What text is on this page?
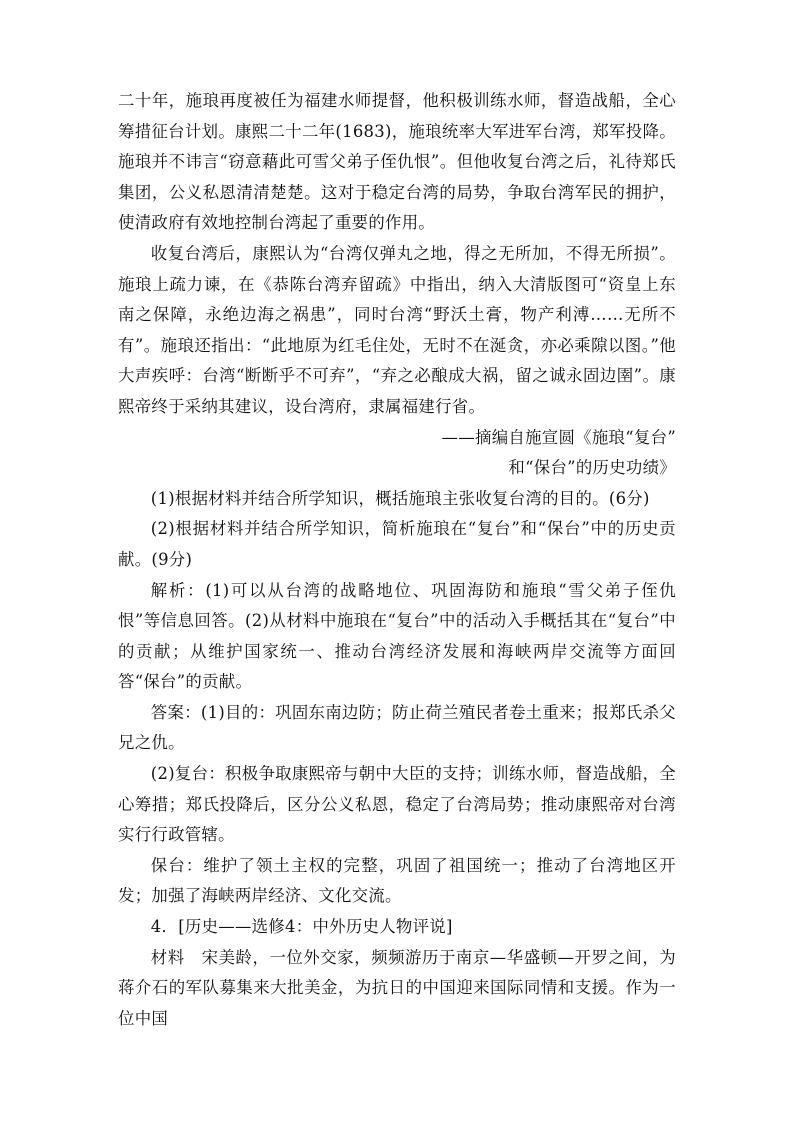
二十年，施琅再度被任为福建水师提督，他积极训练水师，督造战船，全心筹措征台计划。康熙二十二年(1683)，施琅统率大军进军台湾，郑军投降。施琅并不讳言“窃意藉此可雪父弟子侄仇恨”。但他收复台湾之后，礼待郑氏集团，公义私恩清清楚楚。这对于稳定台湾的局势，争取台湾军民的拥护，使清政府有效地控制台湾起了重要的作用。

收复台湾后，康熙认为“台湾仅弹丸之地，得之无所加，不得无所损”。施琅上疏力谏，在《恭陈台湾弃留疏》中指出，纳入大清版图可“资皇上东南之保障，永绝边海之祸患”，同时台湾“野沃土膏，物产利溥……无所不有”。施琅还指出：“此地原为红毛住处，无时不在涎贪，亦必乘隙以图。”他大声疾呼：台湾“断断乎不可弃”，“弃之必酿成大祸，留之诚永固边圉”。康熙帝终于采纳其建议，设台湾府，隶属福建行省。

——摘编自施宣圆《施琅“复台”

和“保台”的历史功绩》

(1)根据材料并结合所学知识，概括施琅主张收复台湾的目的。(6分)

(2)根据材料并结合所学知识，简析施琅在“复台”和“保台”中的历史贡献。(9分)

解析：(1)可以从台湾的战略地位、巩固海防和施琅“雪父弟子侄仇恨”等信息回答。(2)从材料中施琅在“复台”中的活动入手概括其在“复台”中的贡献；从维护国家统一、推动台湾经济发展和海峡两岸交流等方面回答“保台”的贡献。

答案：(1)目的：巩固东南边防；防止荷兰殖民者卷土重来；报郑氏杀父兄之仇。

(2)复台：积极争取康熙帝与朝中大臣的支持；训练水师，督造战船，全心筹措；郑氏投降后，区分公义私恩，稳定了台湾局势；推动康熙帝对台湾实行行政管辖。

保台：维护了领土主权的完整，巩固了祖国统一；推动了台湾地区开发；加强了海峡两岸经济、文化交流。

4．[历史——选修4：中外历史人物评说]

材料　宋美龄，一位外交家，频频游历于南京—华盛顿—开罗之间，为蒋介石的军队募集来大批美金，为抗日的中国迎来国际同情和支援。作为一位中国
